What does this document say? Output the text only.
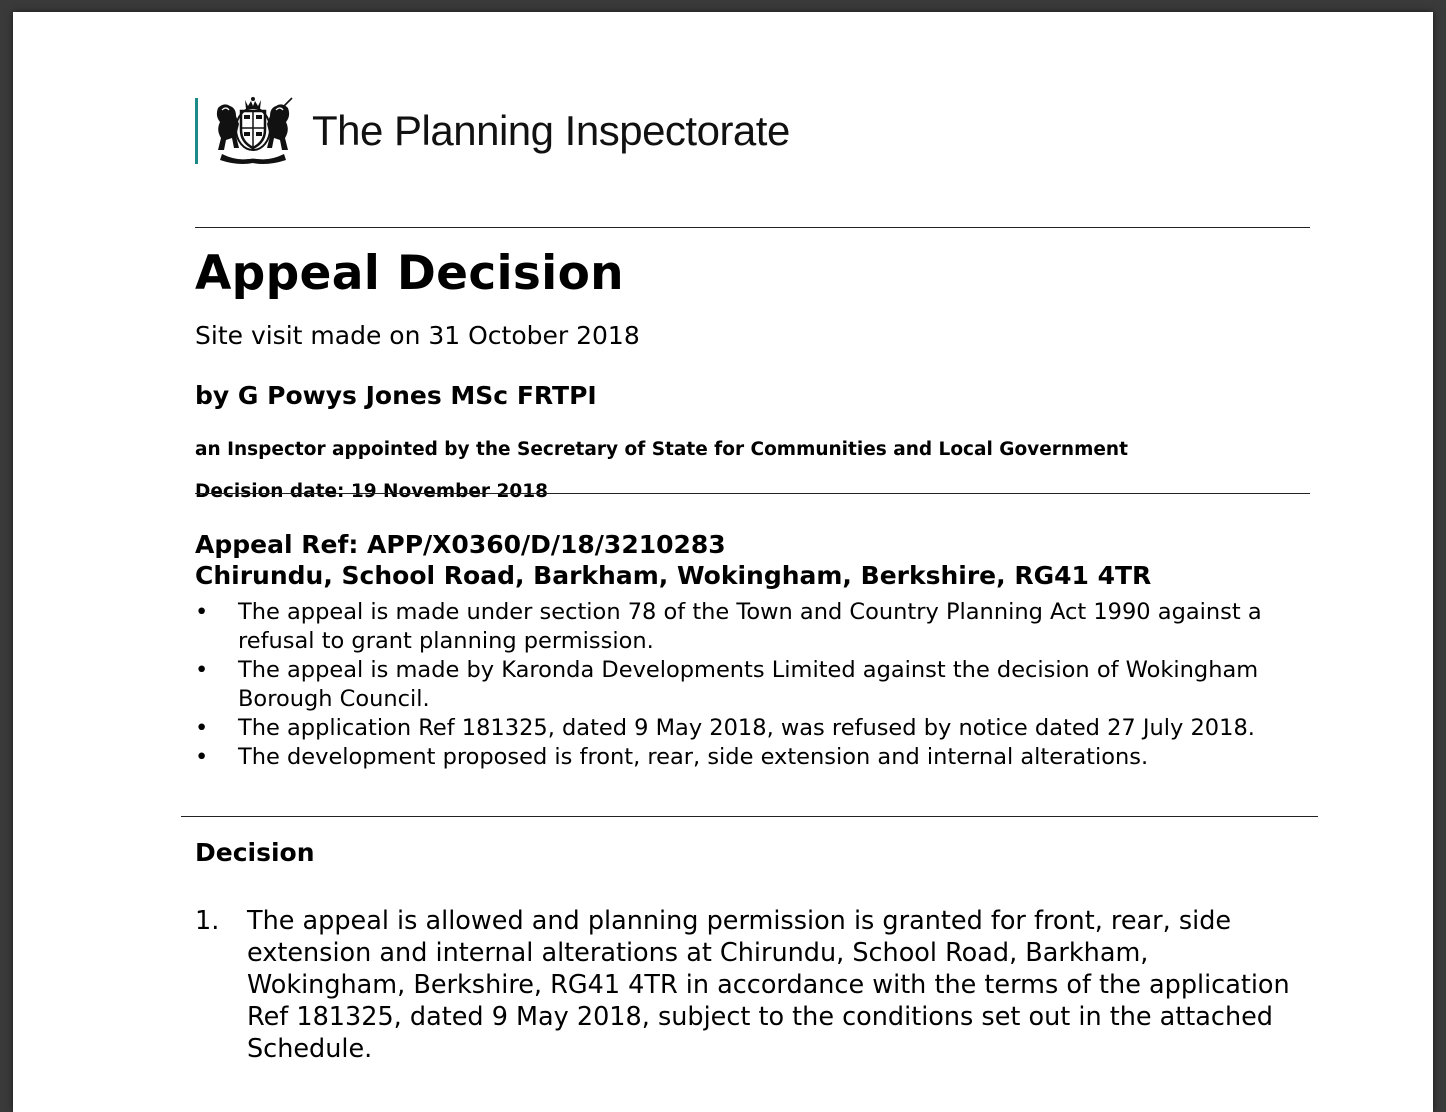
The Planning Inspectorate
Appeal Decision
Site visit made on 31 October 2018
by G Powys Jones MSc FRTPI
an Inspector appointed by the Secretary of State for Communities and Local Government
Decision date: 19 November 2018
Appeal Ref: APP/X0360/D/18/3210283
Chirundu, School Road, Barkham, Wokingham, Berkshire, RG41 4TR
• The appeal is made under section 78 of the Town and Country Planning Act 1990 against a refusal to grant planning permission.
• The appeal is made by Karonda Developments Limited against the decision of Wokingham Borough Council.
• The application Ref 181325, dated 9 May 2018, was refused by notice dated 27 July 2018.
• The development proposed is front, rear, side extension and internal alterations.
Decision
1.	The appeal is allowed and planning permission is granted for front, rear, side extension and internal alterations at Chirundu, School Road, Barkham, Wokingham, Berkshire, RG41 4TR in accordance with the terms of the application Ref 181325, dated 9 May 2018, subject to the conditions set out in the attached Schedule.
